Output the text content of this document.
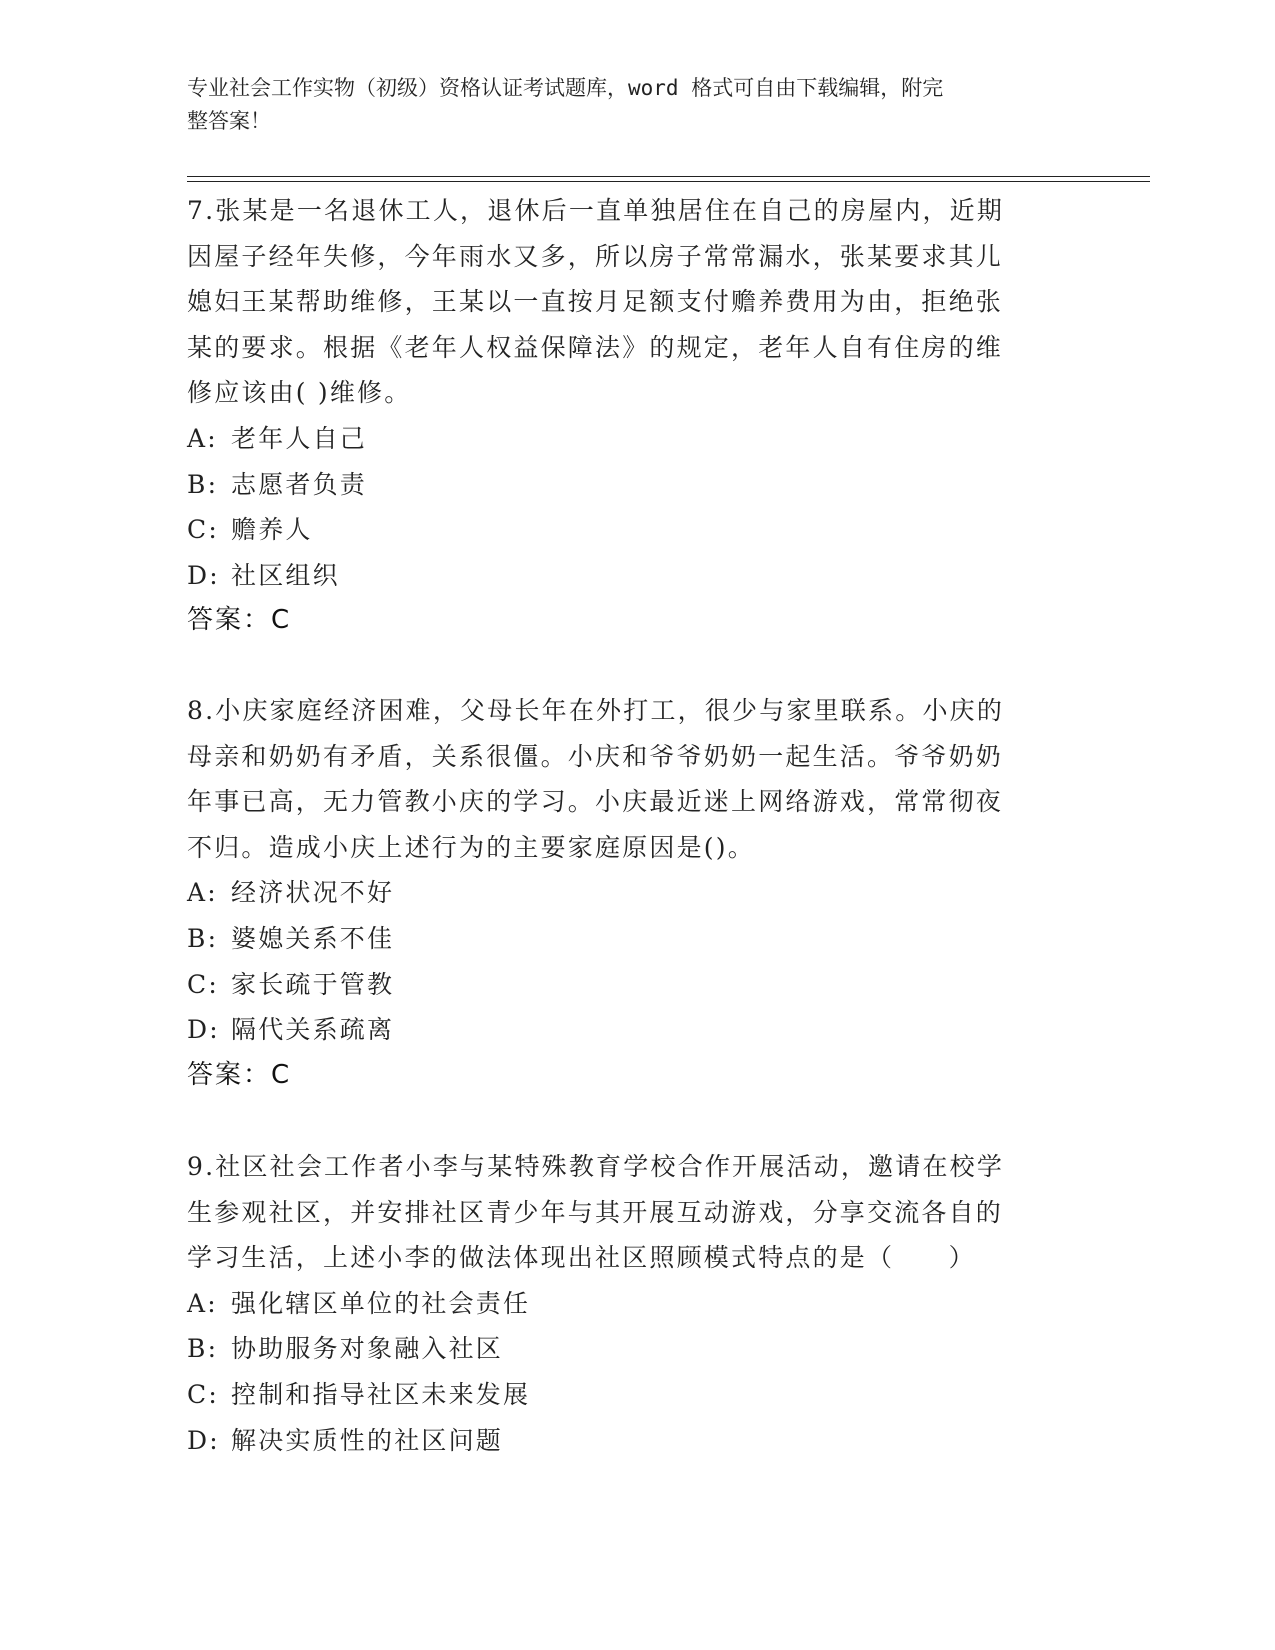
专业社会工作实物（初级）资格认证考试题库，word 格式可自由下载编辑，附完
整答案！

7.张某是一名退休工人，退休后一直单独居住在自己的房屋内，近期

因屋子经年失修，今年雨水又多，所以房子常常漏水，张某要求其儿

媳妇王某帮助维修，王某以一直按月足额支付赡养费用为由，拒绝张

某的要求。根据《老年人权益保障法》的规定，老年人自有住房的维

修应该由( )维修。

A: 老年人自己
B: 志愿者负责
C: 赡养人
D: 社区组织

答案：C

8.小庆家庭经济困难，父母长年在外打工，很少与家里联系。小庆的

母亲和奶奶有矛盾，关系很僵。小庆和爷爷奶奶一起生活。爷爷奶奶

年事已高，无力管教小庆的学习。小庆最近迷上网络游戏，常常彻夜

不归。造成小庆上述行为的主要家庭原因是()。

A: 经济状况不好
B: 婆媳关系不佳
C: 家长疏于管教
D: 隔代关系疏离

答案：C

9.社区社会工作者小李与某特殊教育学校合作开展活动，邀请在校学

生参观社区，并安排社区青少年与其开展互动游戏，分享交流各自的

学习生活，上述小李的做法体现出社区照顾模式特点的是（　　）

A: 强化辖区单位的社会责任
B: 协助服务对象融入社区
C: 控制和指导社区未来发展
D: 解决实质性的社区问题
